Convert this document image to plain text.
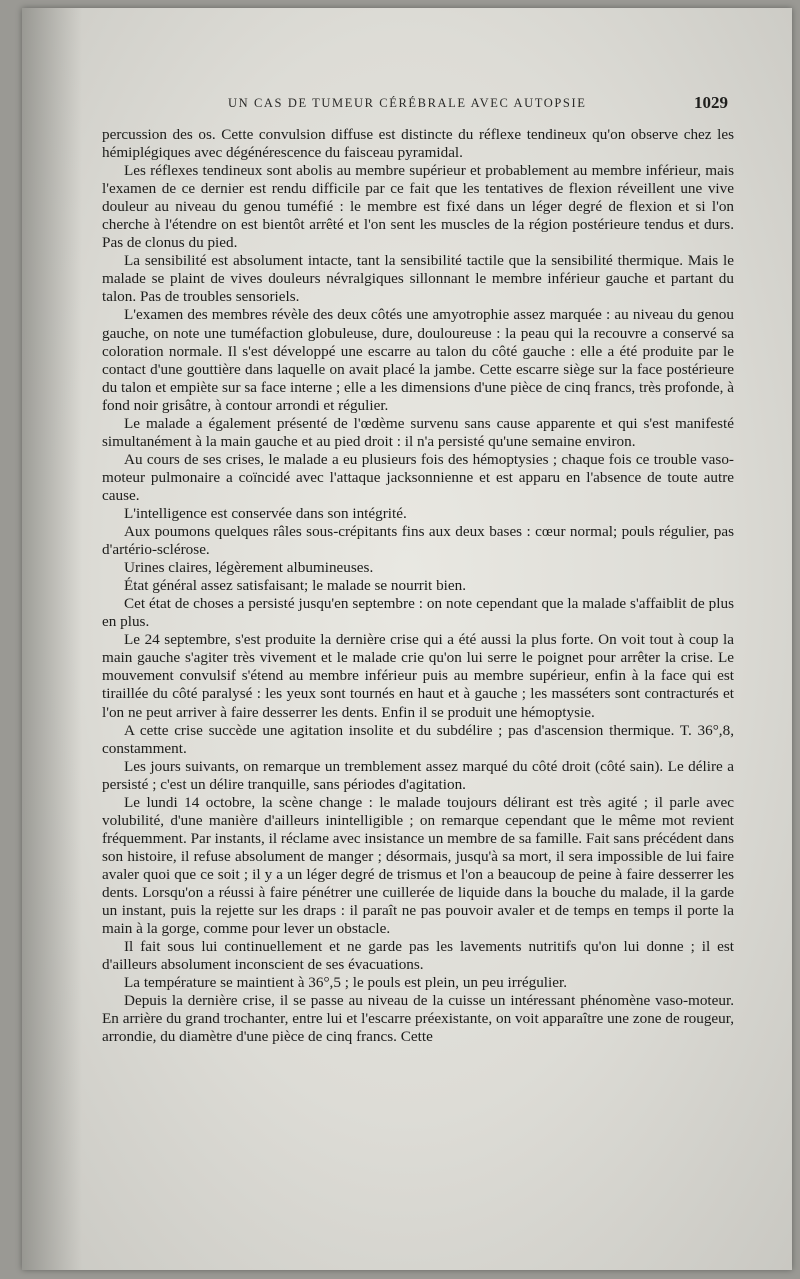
UN CAS DE TUMEUR CÉRÉBRALE AVEC AUTOPSIE	1029

percussion des os. Cette convulsion diffuse est distincte du réflexe tendineux qu'on observe chez les hémiplégiques avec dégénérescence du faisceau pyramidal.

Les réflexes tendineux sont abolis au membre supérieur et probablement au membre inférieur, mais l'examen de ce dernier est rendu difficile par ce fait que les tentatives de flexion réveillent une vive douleur au niveau du genou tuméfié : le membre est fixé dans un léger degré de flexion et si l'on cherche à l'étendre on est bientôt arrêté et l'on sent les muscles de la région postérieure tendus et durs. Pas de clonus du pied.

La sensibilité est absolument intacte, tant la sensibilité tactile que la sensibilité thermique. Mais le malade se plaint de vives douleurs névralgiques sillonnant le membre inférieur gauche et partant du talon. Pas de troubles sensoriels.

L'examen des membres révèle des deux côtés une amyotrophie assez marquée : au niveau du genou gauche, on note une tuméfaction globuleuse, dure, douloureuse : la peau qui la recouvre a conservé sa coloration normale. Il s'est développé une escarre au talon du côté gauche : elle a été produite par le contact d'une gouttière dans laquelle on avait placé la jambe. Cette escarre siège sur la face postérieure du talon et empiète sur sa face interne ; elle a les dimensions d'une pièce de cinq francs, très profonde, à fond noir grisâtre, à contour arrondi et régulier.

Le malade a également présenté de l'œdème survenu sans cause apparente et qui s'est manifesté simultanément à la main gauche et au pied droit : il n'a persisté qu'une semaine environ.

Au cours de ses crises, le malade a eu plusieurs fois des hémoptysies ; chaque fois ce trouble vaso-moteur pulmonaire a coïncidé avec l'attaque jacksonnienne et est apparu en l'absence de toute autre cause.

L'intelligence est conservée dans son intégrité.

Aux poumons quelques râles sous-crépitants fins aux deux bases : cœur normal; pouls régulier, pas d'artério-sclérose.

Urines claires, légèrement albumineuses.

État général assez satisfaisant; le malade se nourrit bien.

Cet état de choses a persisté jusqu'en septembre : on note cependant que la malade s'affaiblit de plus en plus.

Le 24 septembre, s'est produite la dernière crise qui a été aussi la plus forte. On voit tout à coup la main gauche s'agiter très vivement et le malade crie qu'on lui serre le poignet pour arrêter la crise. Le mouvement convulsif s'étend au membre inférieur puis au membre supérieur, enfin à la face qui est tiraillée du côté paralysé : les yeux sont tournés en haut et à gauche ; les masséters sont contracturés et l'on ne peut arriver à faire desserrer les dents. Enfin il se produit une hémoptysie.

A cette crise succède une agitation insolite et du subdélire ; pas d'ascension thermique. T. 36°,8, constamment.

Les jours suivants, on remarque un tremblement assez marqué du côté droit (côté sain). Le délire a persisté ; c'est un délire tranquille, sans périodes d'agitation.

Le lundi 14 octobre, la scène change : le malade toujours délirant est très agité ; il parle avec volubilité, d'une manière d'ailleurs inintelligible ; on remarque cependant que le même mot revient fréquemment. Par instants, il réclame avec insistance un membre de sa famille. Fait sans précédent dans son histoire, il refuse absolument de manger ; désormais, jusqu'à sa mort, il sera impossible de lui faire avaler quoi que ce soit ; il y a un léger degré de trismus et l'on a beaucoup de peine à faire desserrer les dents. Lorsqu'on a réussi à faire pénétrer une cuillerée de liquide dans la bouche du malade, il la garde un instant, puis la rejette sur les draps : il paraît ne pas pouvoir avaler et de temps en temps il porte la main à la gorge, comme pour lever un obstacle.

Il fait sous lui continuellement et ne garde pas les lavements nutritifs qu'on lui donne ; il est d'ailleurs absolument inconscient de ses évacuations.

La température se maintient à 36°,5 ; le pouls est plein, un peu irrégulier.

Depuis la dernière crise, il se passe au niveau de la cuisse un intéressant phénomène vaso-moteur. En arrière du grand trochanter, entre lui et l'escarre préexistante, on voit apparaître une zone de rougeur, arrondie, du diamètre d'une pièce de cinq francs. Cette
